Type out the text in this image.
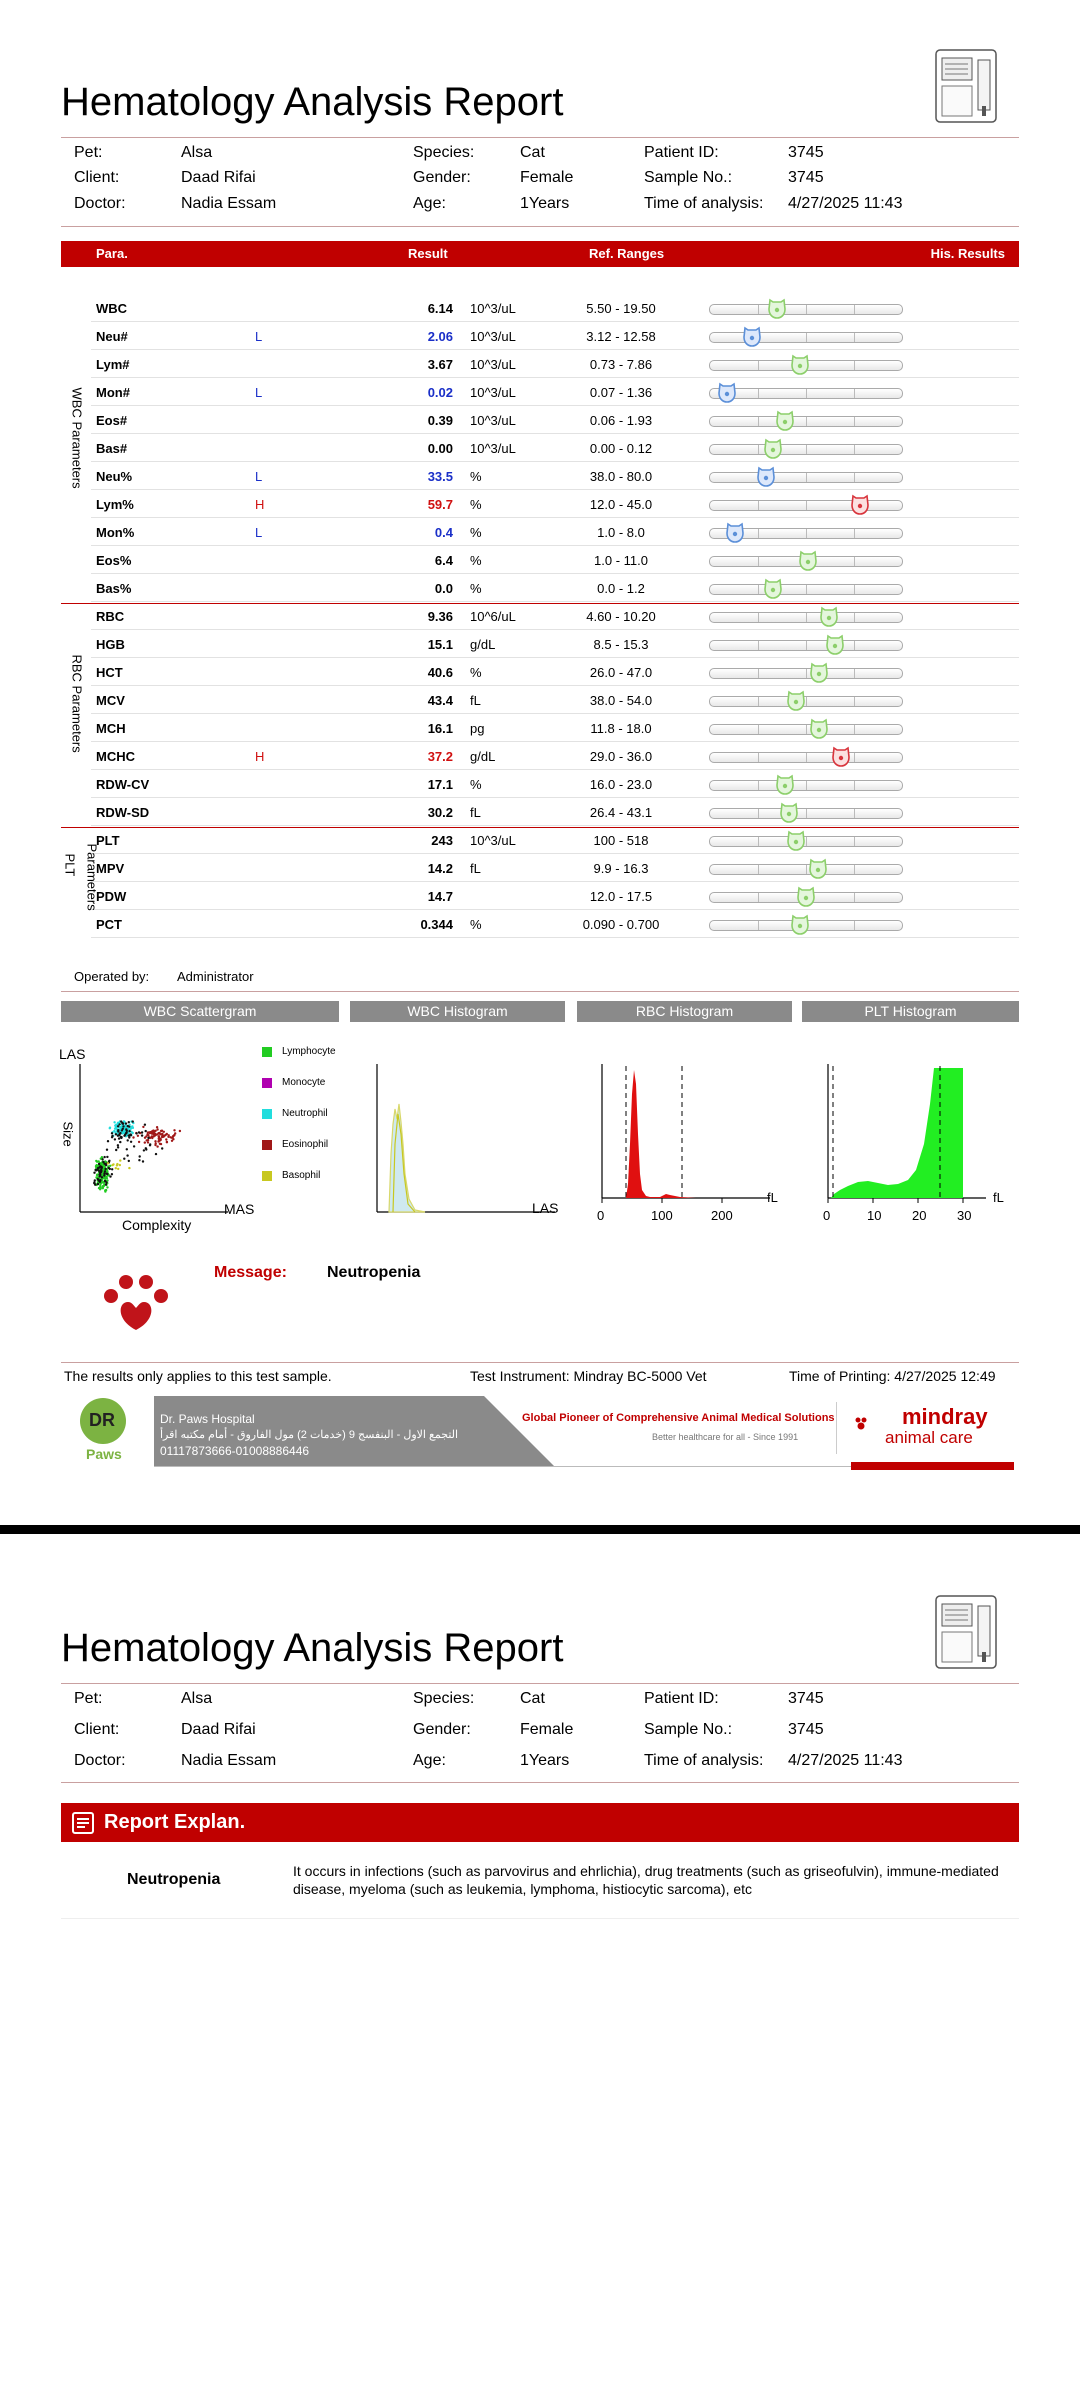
Hematology Analysis Report
Pet:	Alsa
Client:	Daad Rifai
Doctor:	Nadia Essam
Species:	Cat
Gender:	Female
Age:	1Years
Patient ID:	3745
Sample No.:	3745
Time of analysis: 4/27/2025 11:43
Para.	Result	Ref. Ranges	His. Results
WBC	6.14 10^3/uL	5.50 - 19.50
Neu#	L	2.06 10^3/uL	3.12 - 12.58
Lym#	3.67 10^3/uL	0.73 - 7.86
Mon#	L	0.02 10^3/uL	0.07 - 1.36
Eos#	0.39 10^3/uL	0.06 - 1.93
Bas#	0.00 10^3/uL	0.00 - 0.12
Neu%	L	33.5 %	38.0 - 80.0
Lym%	H	59.7 %	12.0 - 45.0
Mon%	L	0.4 %	1.0 - 8.0
Eos%	6.4 %	1.0 - 11.0
Bas%	0.0 %	0.0 - 1.2
RBC	9.36 10^6/uL	4.60 - 10.20
HGB	15.1 g/dL	8.5 - 15.3
HCT	40.6 %	26.0 - 47.0
MCV	43.4 fL	38.0 - 54.0
MCH	16.1 pg	11.8 - 18.0
MCHC	H	37.2 g/dL	29.0 - 36.0
RDW-CV	17.1 %	16.0 - 23.0
RDW-SD	30.2 fL	26.4 - 43.1
PLT	243 10^3/uL	100 - 518
MPV	14.2 fL	9.9 - 16.3
PDW	14.7	12.0 - 17.5
PCT	0.344 %	0.090 - 0.700
WBC Parameters
RBC Parameters
PLT Parameters
Operated by: Administrator
WBC Scattergram	WBC Histogram	RBC Histogram	PLT Histogram
LAS
Size
Complexity
MAS
Lymphocyte
Monocyte
Neutrophil
Eosinophil
Basophil
LAS	0	100	200
fL
0	10 20 30
fL
Message:	Neutropenia
The results only applies to this test sample.	Test Instrument: Mindray BC-5000 Vet	Time of Printing: 4/27/2025 12:49
DR
Paws
Dr. Paws Hospital
التجمع الاول - البنفسج 9 (خدمات 2) مول الفاروق - أمام مكتبه اقرأ
01117873666-01008886446
Global Pioneer of Comprehensive Animal Medical Solutions
Better healthcare for all - Since 1991
mindray
animal care
Hematology Analysis Report
Pet:	Alsa
Client:	Daad Rifai
Doctor:	Nadia Essam
Species:	Cat
Gender:	Female
Age:	1Years
Patient ID:	3745
Sample No.:	3745
Time of analysis: 4/27/2025 11:43
Report Explan.
Neutropenia	It occurs in infections (such as parvovirus and ehrlichia), drug treatments (such as griseofulvin), immune-mediated disease, myeloma (such as leukemia, lymphoma, histiocytic sarcoma), etc
